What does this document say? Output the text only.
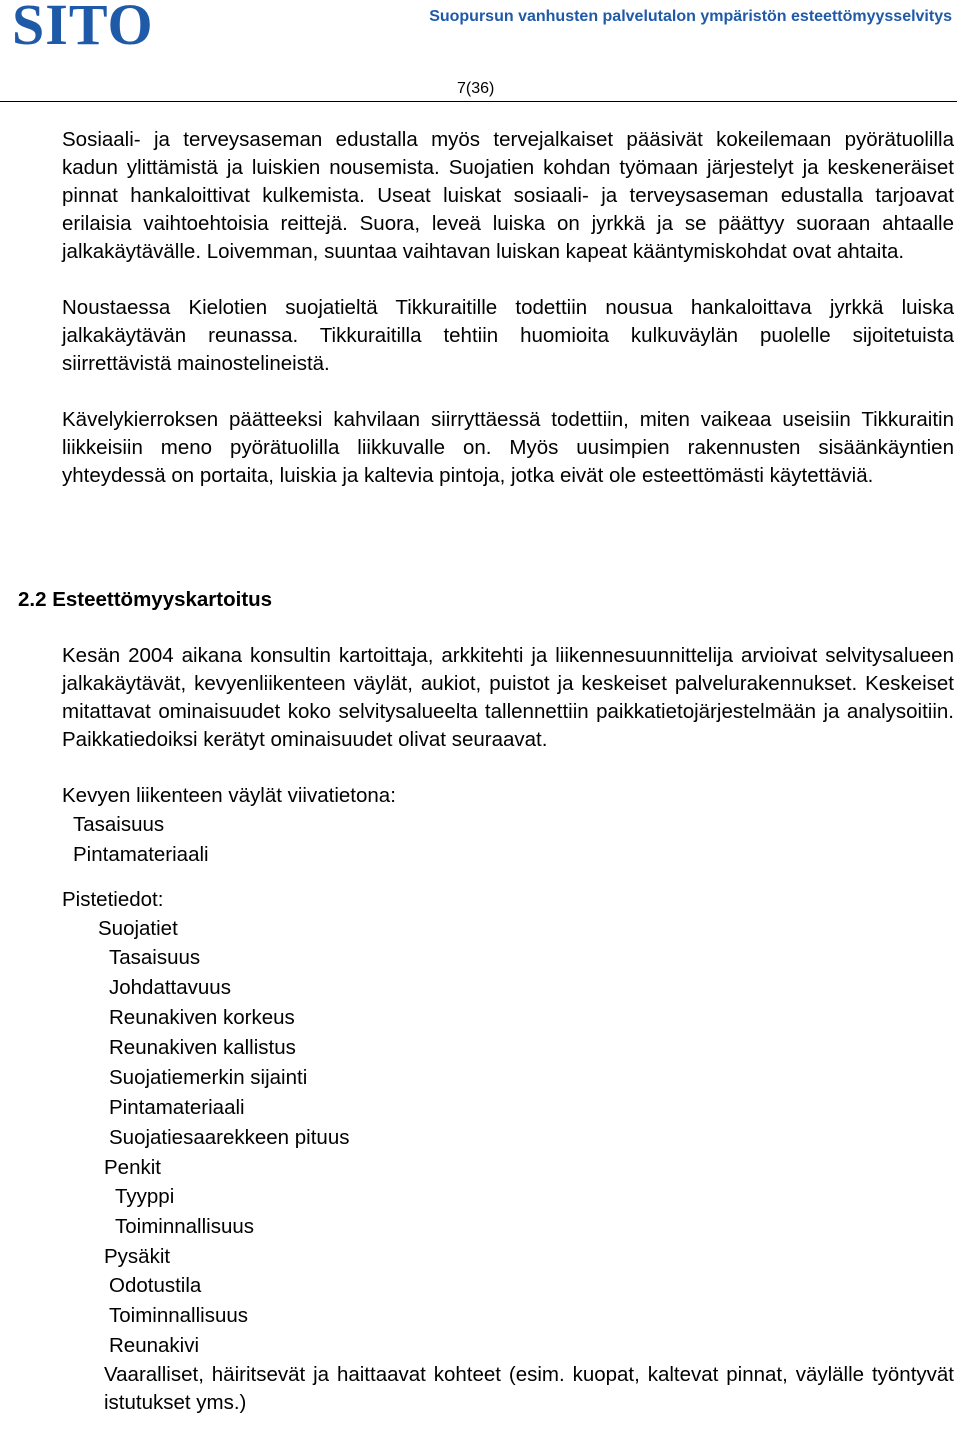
SITO	Suopursun vanhusten palvelutalon ympäristön esteettömyysselvitys
7(36)

Sosiaali- ja terveysaseman edustalla myös tervejalkaiset pääsivät kokeilemaan pyörätuolilla kadun ylittämistä ja luiskien nousemista. Suojatien kohdan työmaan järjestelyt ja keskeneräiset pinnat hankaloittivat kulkemista. Useat luiskat sosiaali- ja terveysaseman edustalla tarjoavat erilaisia vaihtoehtoisia reittejä. Suora, leveä luiska on jyrkkä ja se päättyy suoraan ahtaalle jalkakäytävälle. Loivemman, suuntaa vaihtavan luiskan kapeat kääntymiskohdat ovat ahtaita.

Noustaessa Kielotien suojatieltä Tikkuraitille todettiin nousua hankaloittava jyrkkä luiska jalkakäytävän reunassa. Tikkuraitilla tehtiin huomioita kulkuväylän puolelle sijoitetuista siirrettävistä mainostelineistä.

Kävelykierroksen päätteeksi kahvilaan siirryttäessä todettiin, miten vaikeaa useisiin Tikkuraitin liikkeisiin meno pyörätuolilla liikkuvalle on. Myös uusimpien rakennusten sisäänkäyntien yhteydessä on portaita, luiskia ja kaltevia pintoja, jotka eivät ole esteettömästi käytettäviä.

2.2 Esteettömyyskartoitus

Kesän 2004 aikana konsultin kartoittaja, arkkitehti ja liikennesuunnittelija arvioivat selvitysalueen jalkakäytävät, kevyenliikenteen väylät, aukiot, puistot ja keskeiset palvelurakennukset. Keskeiset mitattavat ominaisuudet koko selvitysalueelta tallennettiin paikkatietojärjestelmään ja analysoitiin. Paikkatiedoiksi kerätyt ominaisuudet olivat seuraavat.

Kevyen liikenteen väylät viivatietona:
Tasaisuus
Pintamateriaali
Pistetiedot:
Suojatiet
Tasaisuus
Johdattavuus
Reunakiven korkeus
Reunakiven kallistus
Suojatiemerkin sijainti
Pintamateriaali
Suojatiesaarekkeen pituus
Penkit
Tyyppi
Toiminnallisuus
Pysäkit
Odotustila
Toiminnallisuus
Reunakivi
Vaaralliset, häiritsevät ja haittaavat kohteet (esim. kuopat, kaltevat pinnat, väylälle työntyvät istutukset yms.)
